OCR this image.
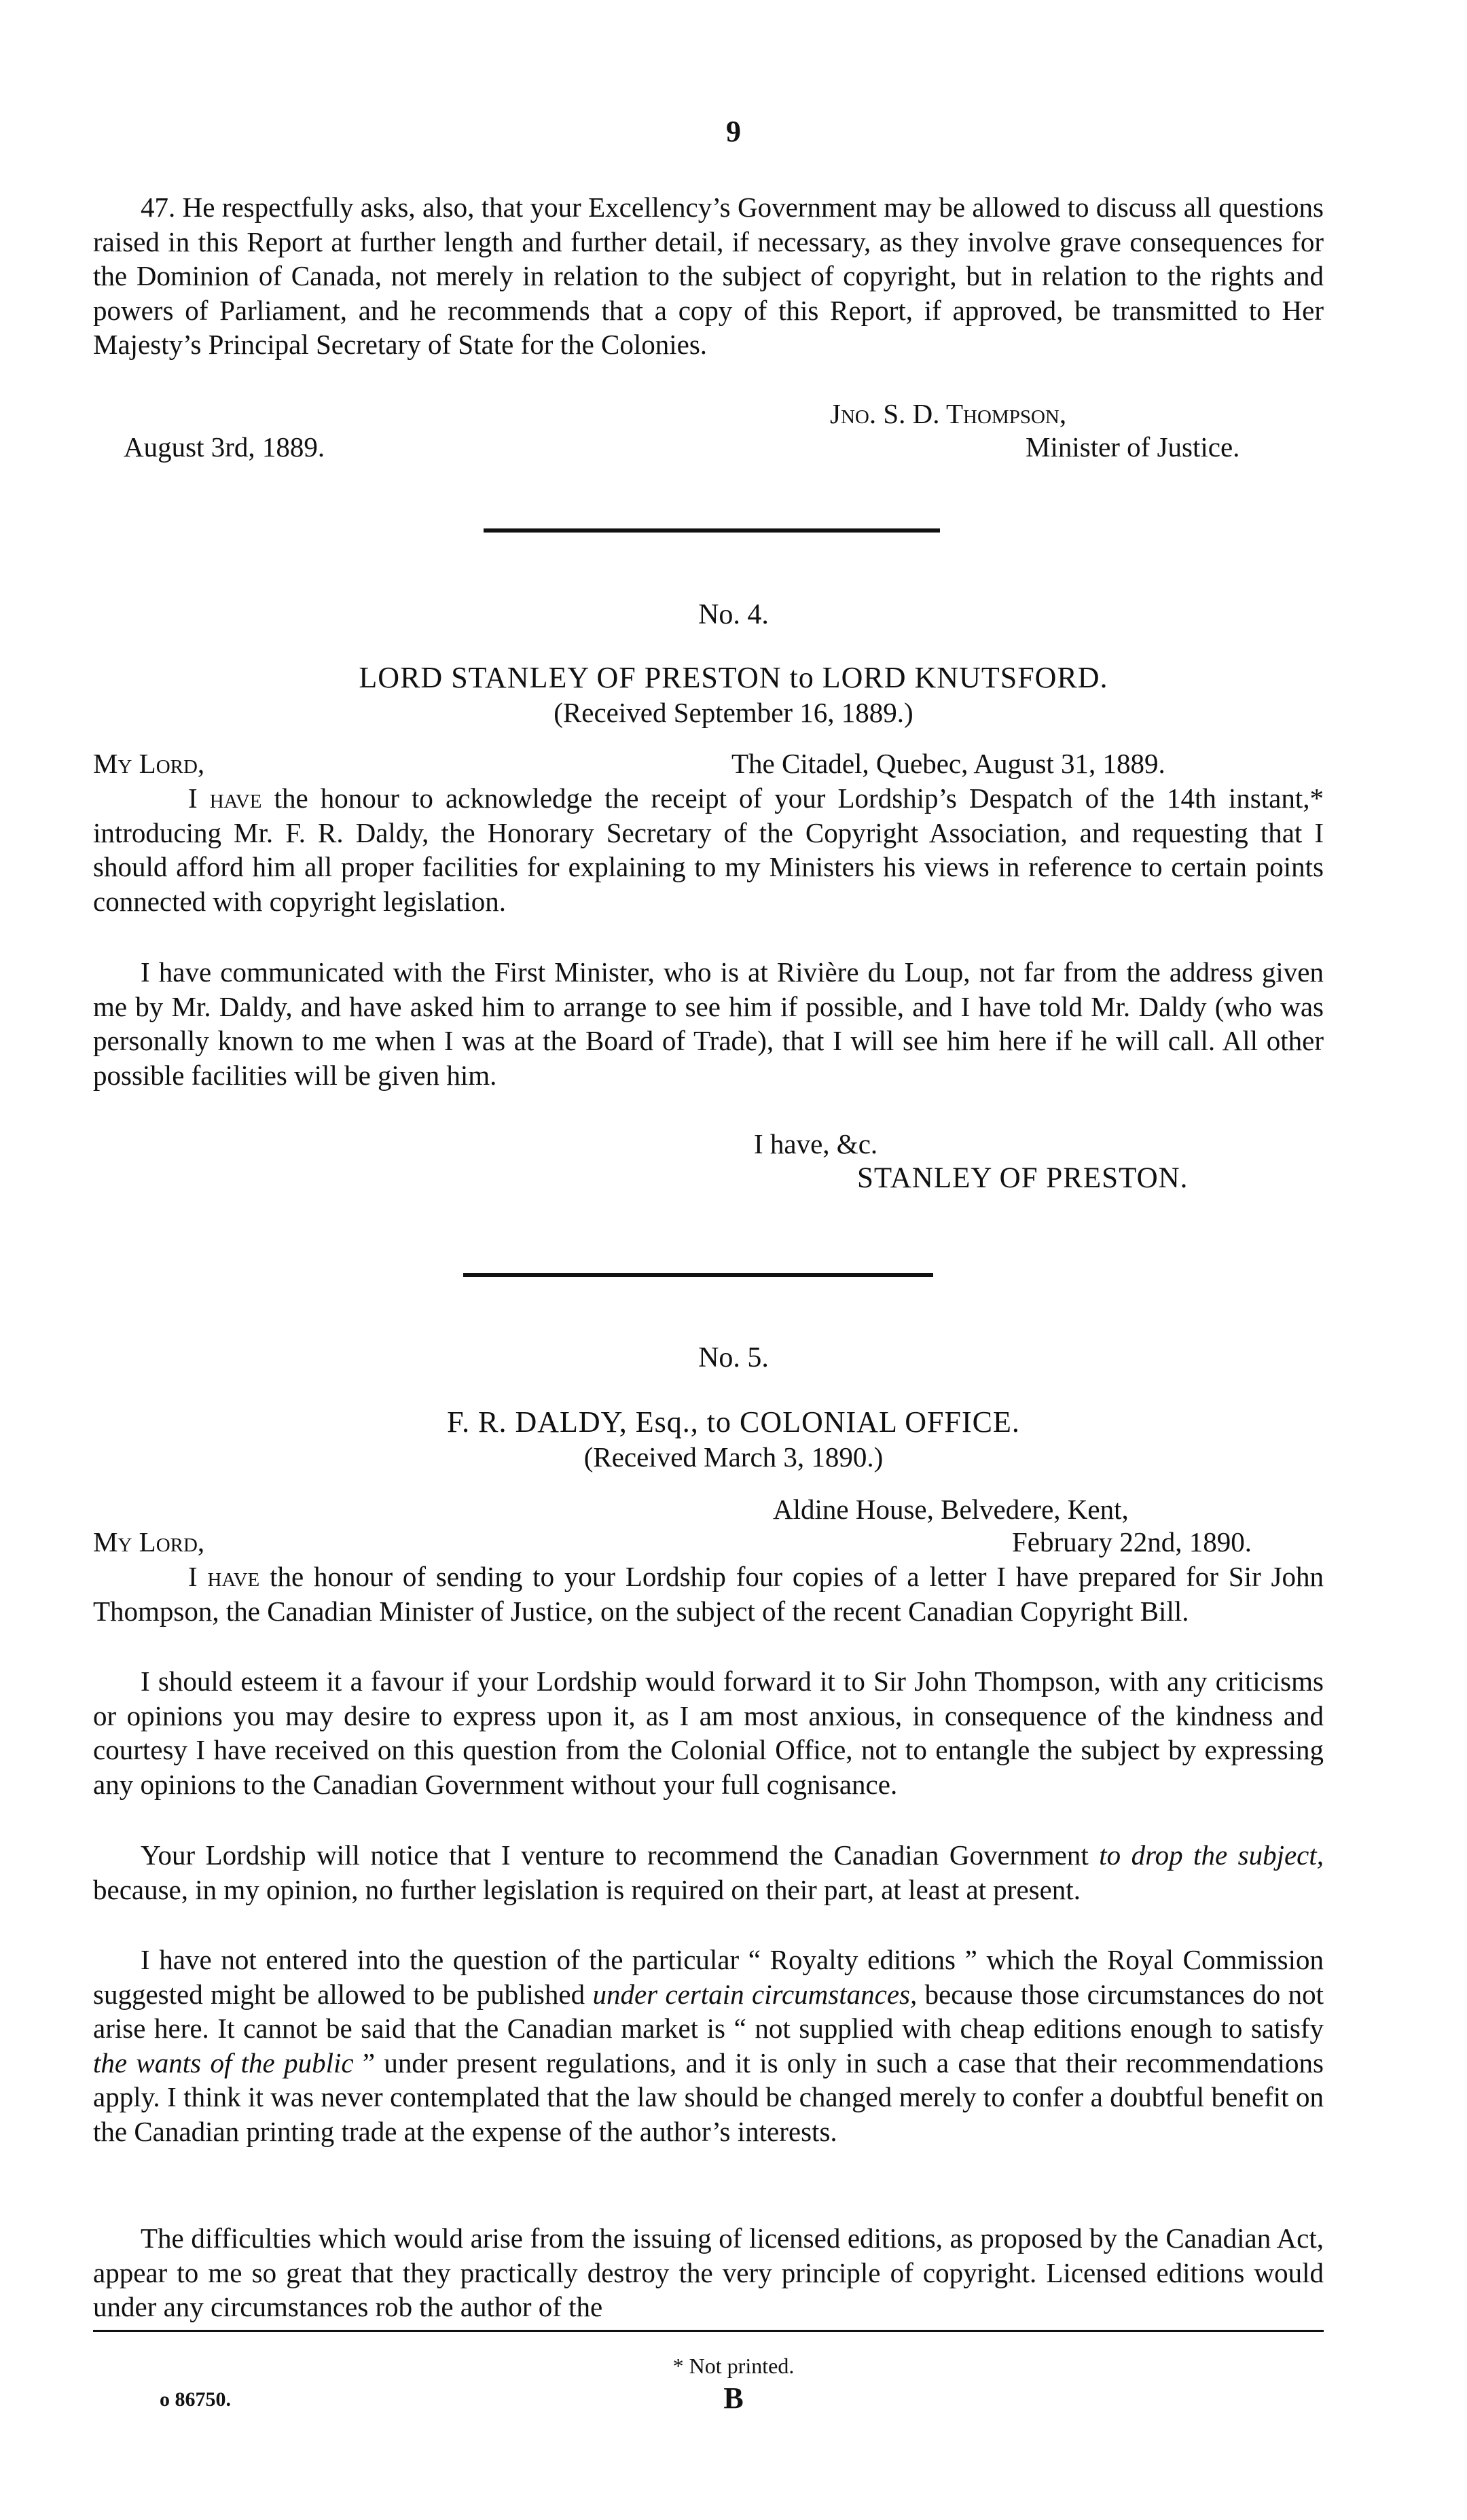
9

47. He respectfully asks, also, that your Excellency’s Government may be allowed to discuss all questions raised in this Report at further length and further detail, if necessary, as they involve grave consequences for the Dominion of Canada, not merely in relation to the subject of copyright, but in relation to the rights and powers of Parliament, and he recommends that a copy of this Report, if approved, be transmitted to Her Majesty’s Principal Secretary of State for the Colonies.

Jno. S. D. Thompson,
August 3rd, 1889.	Minister of Justice.
No. 4.
LORD STANLEY OF PRESTON to LORD KNUTSFORD.
(Received September 16, 1889.)
My Lord,	The Citadel, Quebec, August 31, 1889.

I have the honour to acknowledge the receipt of your Lordship’s Despatch of the 14th instant,* introducing Mr. F. R. Daldy, the Honorary Secretary of the Copyright Association, and requesting that I should afford him all proper facilities for explaining to my Ministers his views in reference to certain points connected with copyright legislation.

I have communicated with the First Minister, who is at Rivière du Loup, not far from the address given me by Mr. Daldy, and have asked him to arrange to see him if possible, and I have told Mr. Daldy (who was personally known to me when I was at the Board of Trade), that I will see him here if he will call. All other possible facilities will be given him.

I have, &c.
STANLEY OF PRESTON.
No. 5.
F. R. DALDY, Esq., to COLONIAL OFFICE.
(Received March 3, 1890.)
Aldine House, Belvedere, Kent,
My Lord,	February 22nd, 1890.

I have the honour of sending to your Lordship four copies of a letter I have prepared for Sir John Thompson, the Canadian Minister of Justice, on the subject of the recent Canadian Copyright Bill.

I should esteem it a favour if your Lordship would forward it to Sir John Thompson, with any criticisms or opinions you may desire to express upon it, as I am most anxious, in consequence of the kindness and courtesy I have received on this question from the Colonial Office, not to entangle the subject by expressing any opinions to the Canadian Government without your full cognisance.

Your Lordship will notice that I venture to recommend the Canadian Government to drop the subject, because, in my opinion, no further legislation is required on their part, at least at present.

I have not entered into the question of the particular “ Royalty editions ” which the Royal Commission suggested might be allowed to be published under certain circumstances, because those circumstances do not arise here. It cannot be said that the Canadian market is “ not supplied with cheap editions enough to satisfy the wants of the public ” under present regulations, and it is only in such a case that their recommendations apply. I think it was never contemplated that the law should be changed merely to confer a doubtful benefit on the Canadian printing trade at the expense of the author’s interests.

The difficulties which would arise from the issuing of licensed editions, as proposed by the Canadian Act, appear to me so great that they practically destroy the very principle of copyright. Licensed editions would under any circumstances rob the author of the

* Not printed.
o 86750.	B
